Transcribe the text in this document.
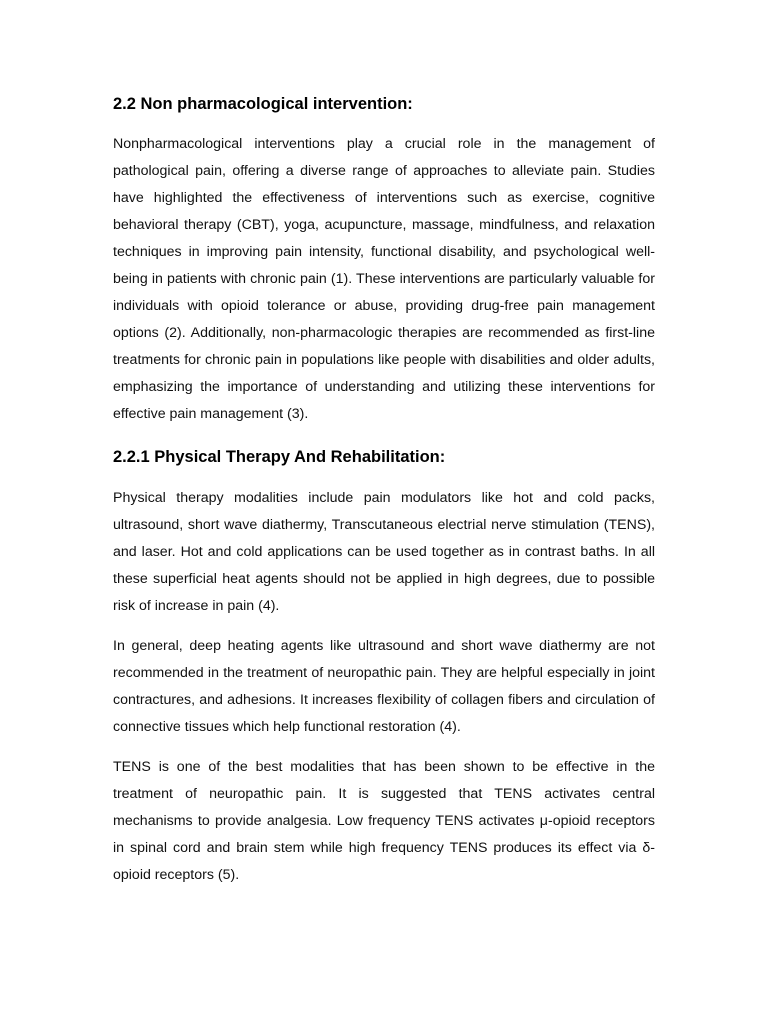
2.2 Non pharmacological intervention:

Nonpharmacological interventions play a crucial role in the management of pathological pain, offering a diverse range of approaches to alleviate pain. Studies have highlighted the effectiveness of interventions such as exercise, cognitive behavioral therapy (CBT), yoga, acupuncture, massage, mindfulness, and relaxation techniques in improving pain intensity, functional disability, and psychological well-being in patients with chronic pain (1). These interventions are particularly valuable for individuals with opioid tolerance or abuse, providing drug-free pain management options (2). Additionally, non-pharmacologic therapies are recommended as first-line treatments for chronic pain in populations like people with disabilities and older adults, emphasizing the importance of understanding and utilizing these interventions for effective pain management (3).

2.2.1 Physical Therapy And Rehabilitation:

Physical therapy modalities include pain modulators like hot and cold packs, ultrasound, short wave diathermy, Transcutaneous electrial nerve stimulation (TENS), and laser. Hot and cold applications can be used together as in contrast baths. In all these superficial heat agents should not be applied in high degrees, due to possible risk of increase in pain (4).

In general, deep heating agents like ultrasound and short wave diathermy are not recommended in the treatment of neuropathic pain. They are helpful especially in joint contractures, and adhesions. It increases flexibility of collagen fibers and circulation of connective tissues which help functional restoration (4).

TENS is one of the best modalities that has been shown to be effective in the treatment of neuropathic pain. It is suggested that TENS activates central mechanisms to provide analgesia. Low frequency TENS activates μ-opioid receptors in spinal cord and brain stem while high frequency TENS produces its effect via δ-opioid receptors (5).
